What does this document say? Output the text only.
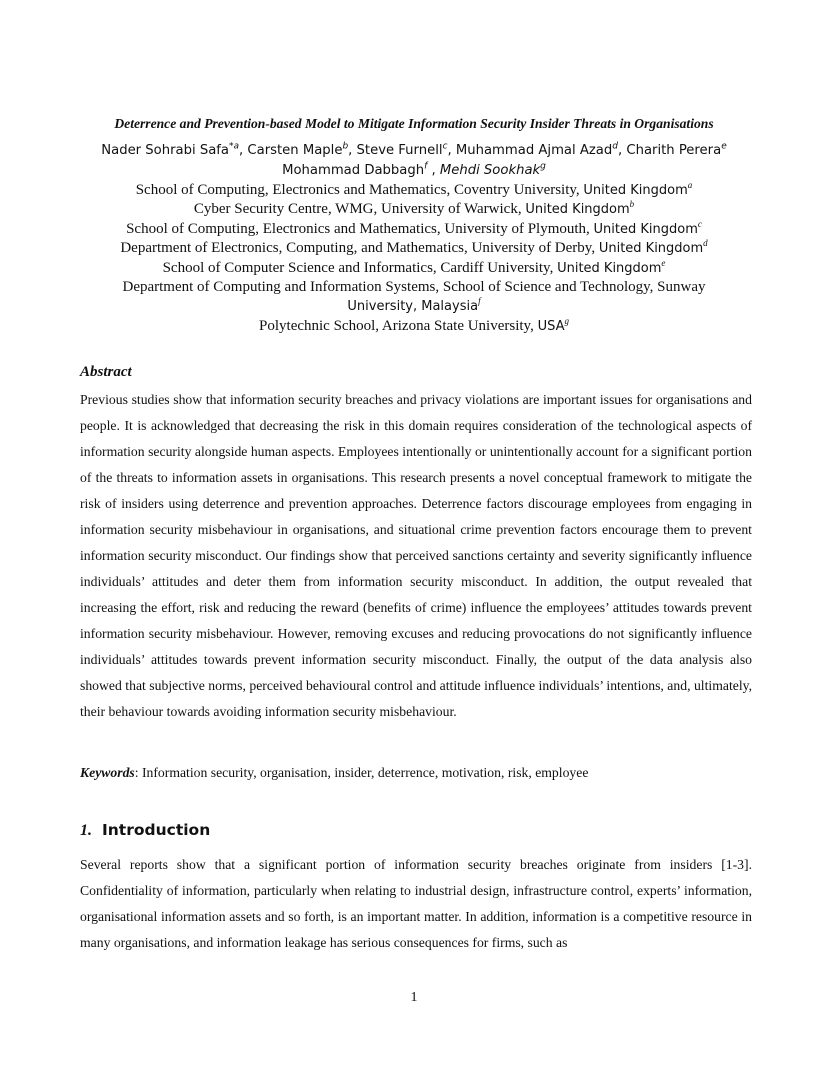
Deterrence and Prevention-based Model to Mitigate Information Security Insider Threats in Organisations
Nader Sohrabi Safa$^{*a}$, Carsten Maple$^b$, Steve Furnell$^c$, Muhammad Ajmal Azad$^d$, Charith Perera$^e$
Mohammad Dabbagh$^f$ , Mehdi Sookhak$^g$
School of Computing, Electronics and Mathematics, Coventry University, United Kingdom$^a$
Cyber Security Centre, WMG, University of Warwick, United Kingdom$^b$
School of Computing, Electronics and Mathematics, University of Plymouth, United Kingdom$^c$
Department of Electronics, Computing, and Mathematics, University of Derby, United Kingdom$^d$
School of Computer Science and Informatics, Cardiff University, United Kingdom$^e$
Department of Computing and Information Systems, School of Science and Technology, Sunway
University, Malaysia$^f$
Polytechnic School, Arizona State University, USA$^g$
Abstract
Previous studies show that information security breaches and privacy violations are important issues for organisations and people. It is acknowledged that decreasing the risk in this domain requires consideration of the technological aspects of information security alongside human aspects. Employees intentionally or unintentionally account for a significant portion of the threats to information assets in organisations. This research presents a novel conceptual framework to mitigate the risk of insiders using deterrence and prevention approaches. Deterrence factors discourage employees from engaging in information security misbehaviour in organisations, and situational crime prevention factors encourage them to prevent information security misconduct. Our findings show that perceived sanctions certainty and severity significantly influence individuals’ attitudes and deter them from information security misconduct. In addition, the output revealed that increasing the effort, risk and reducing the reward (benefits of crime) influence the employees’ attitudes towards prevent information security misbehaviour. However, removing excuses and reducing provocations do not significantly influence individuals’ attitudes towards prevent information security misconduct. Finally, the output of the data analysis also showed that subjective norms, perceived behavioural control and attitude influence individuals’ intentions, and, ultimately, their behaviour towards avoiding information security misbehaviour.
Keywords: Information security, organisation, insider, deterrence, motivation, risk, employee
1. Introduction
Several reports show that a significant portion of information security breaches originate from insiders [1-3]. Confidentiality of information, particularly when relating to industrial design, infrastructure control, experts’ information, organisational information assets and so forth, is an important matter. In addition, information is a competitive resource in many organisations, and information leakage has serious consequences for firms, such as
1
